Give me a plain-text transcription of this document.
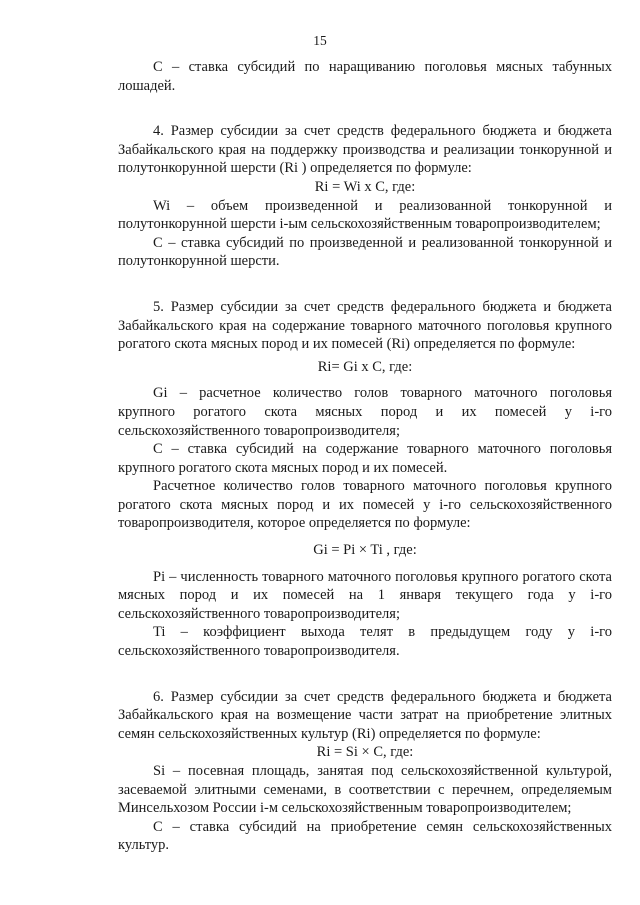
15

C – ставка субсидий по наращиванию поголовья мясных табунных лошадей.

4. Размер субсидии за счет средств федерального бюджета и бюджета Забайкальского края на поддержку производства и реализации тонкорунной и полутонкорунной шерсти (Ri ) определяется по формуле:

Ri = Wi x C, где:

Wi – объем произведенной и реализованной тонкорунной и полутонкорунной шерсти i-ым сельскохозяйственным товаропроизводителем;

С – ставка субсидий по произведенной и реализованной тонкорунной и полутонкорунной шерсти.

5. Размер субсидии за счет средств федерального бюджета и бюджета Забайкальского края на содержание товарного маточного поголовья крупного рогатого скота мясных пород и их помесей (Ri) определяется по формуле:

Ri= Gi x C, где:

Gi – расчетное количество голов товарного маточного поголовья крупного рогатого скота мясных пород и их помесей у i-го сельскохозяйственного товаропроизводителя;

С – ставка субсидий на содержание товарного маточного поголовья крупного рогатого скота мясных пород и их помесей.

Расчетное количество голов товарного маточного поголовья крупного рогатого скота мясных пород и их помесей у i-го сельскохозяйственного товаропроизводителя, которое определяется по формуле:

Gi = Pi × Ti , где:

Pi – численность товарного маточного поголовья крупного рогатого скота мясных пород и их помесей на 1 января текущего года у i-го сельскохозяйственного товаропроизводителя;

Ti – коэффициент выхода телят в предыдущем году у i-го сельскохозяйственного товаропроизводителя.

6. Размер субсидии за счет средств федерального бюджета и бюджета Забайкальского края на возмещение части затрат на приобретение элитных семян сельскохозяйственных культур (Ri) определяется по формуле:

Ri = Si × C, где:

Si – посевная площадь, занятая под сельскохозяйственной культурой, засеваемой элитными семенами, в соответствии с перечнем, определяемым Минсельхозом России i-м сельскохозяйственным товаропроизводителем;

С – ставка субсидий на приобретение семян сельскохозяйственных культур.
